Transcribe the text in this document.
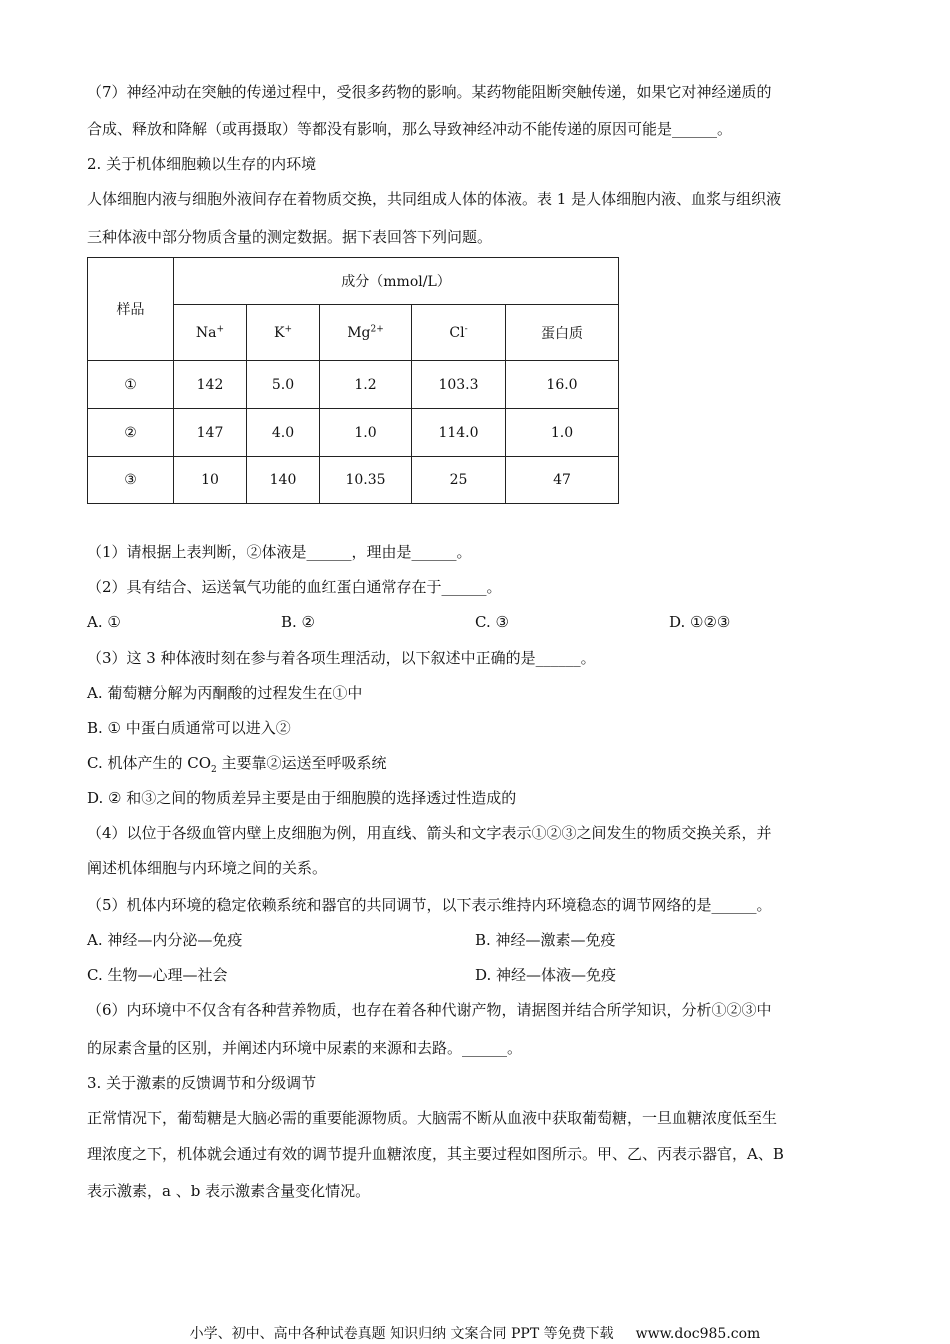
（7）神经冲动在突触的传递过程中，受很多药物的影响。某药物能阻断突触传递，如果它对神经递质的
合成、释放和降解（或再摄取）等都没有影响，那么导致神经冲动不能传递的原因可能是______。
2. 关于机体细胞赖以生存的内环境
人体细胞内液与细胞外液间存在着物质交换，共同组成人体的体液。表 1 是人体细胞内液、血浆与组织液
三种体液中部分物质含量的测定数据。据下表回答下列问题。
样品	成分（mmol/L）				
	Na+	K+	$Mg^{2+}$	Cl-	蛋白质
①	142	5.0	1.2	103.3	16.0
②	147	4.0	1.0	114.0	1.0
③	10	140	10.35	25	47
（1）请根据上表判断，②体液是______，理由是______。
（2）具有结合、运送氧气功能的血红蛋白通常存在于______。
A. ①	B. ②	C. ③	D. ①②③
（3）这 3 种体液时刻在参与着各项生理活动，以下叙述中正确的是______。
A. 葡萄糖分解为丙酮酸的过程发生在①中
B. ① 中蛋白质通常可以进入②
C. 机体产生的 $CO_2$ 主要靠②运送至呼吸系统
D. ② 和③之间的物质差异主要是由于细胞膜的选择透过性造成的
（4）以位于各级血管内壁上皮细胞为例，用直线、箭头和文字表示①②③之间发生的物质交换关系，并
阐述机体细胞与内环境之间的关系。
（5）机体内环境的稳定依赖系统和器官的共同调节，以下表示维持内环境稳态的调节网络的是______。
A. 神经—内分泌—免疫	B. 神经—激素—免疫
C. 生物—心理—社会	D. 神经—体液—免疫
（6）内环境中不仅含有各种营养物质，也存在着各种代谢产物，请据图并结合所学知识，分析①②③中
的尿素含量的区别，并阐述内环境中尿素的来源和去路。______。
3. 关于激素的反馈调节和分级调节
正常情况下，葡萄糖是大脑必需的重要能源物质。大脑需不断从血液中获取葡萄糖，一旦血糖浓度低至生
理浓度之下，机体就会通过有效的调节提升血糖浓度，其主要过程如图所示。甲、乙、丙表示器官，A、B
表示激素，a 、b 表示激素含量变化情况。
小学、初中、高中各种试卷真题 知识归纳 文案合同 PPT 等免费下载 www.doc985.com
